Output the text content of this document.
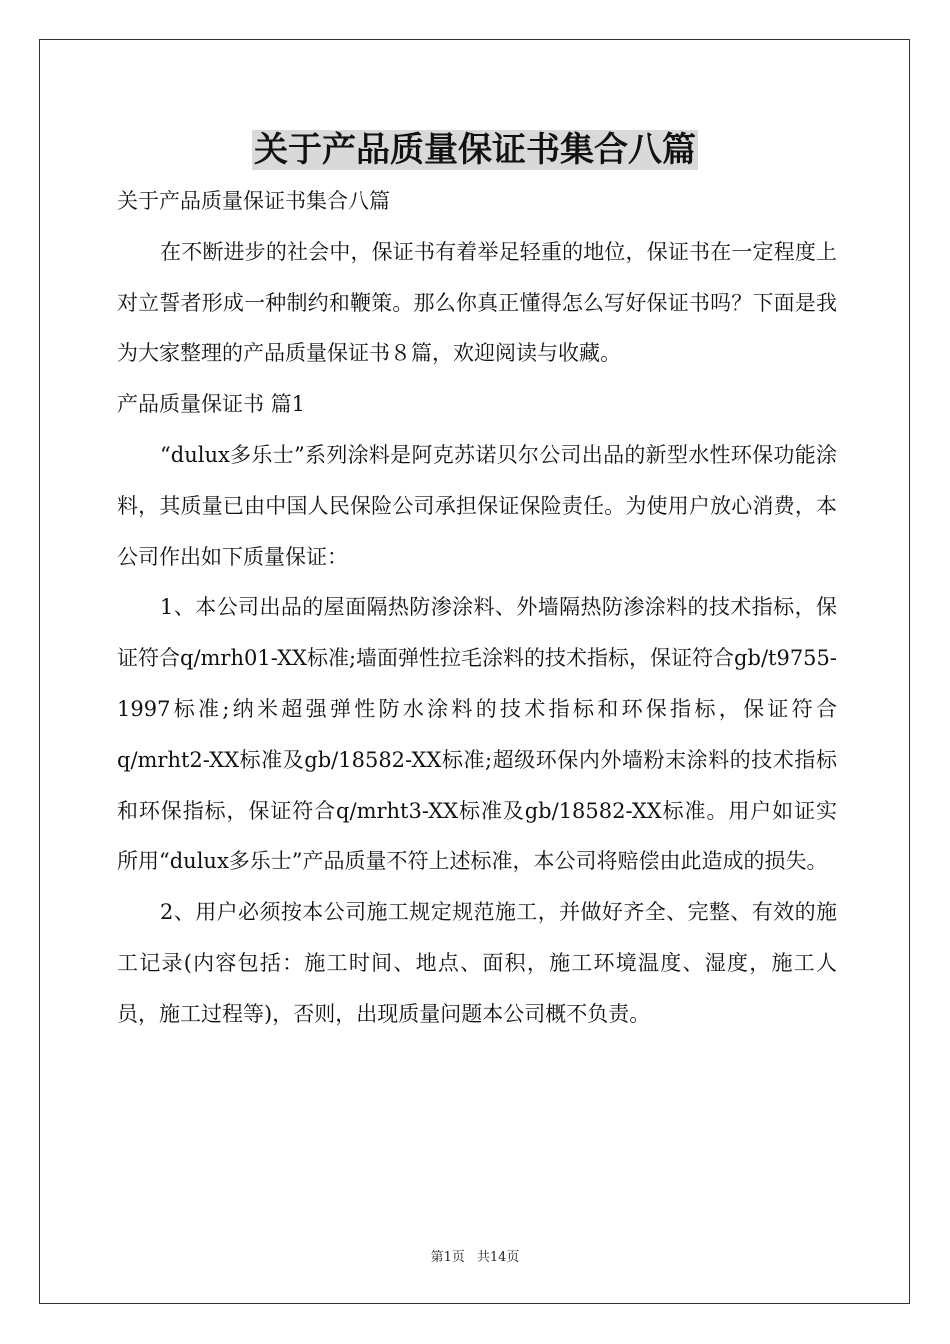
关于产品质量保证书集合八篇

关于产品质量保证书集合八篇

在不断进步的社会中，保证书有着举足轻重的地位，保证书在一定程度上对立誓者形成一种制约和鞭策。那么你真正懂得怎么写好保证书吗？下面是我为大家整理的产品质量保证书８篇，欢迎阅读与收藏。

产品质量保证书 篇1

“dulux多乐士”系列涂料是阿克苏诺贝尔公司出品的新型水性环保功能涂料，其质量已由中国人民保险公司承担保证保险责任。为使用户放心消费，本公司作出如下质量保证：

1、本公司出品的屋面隔热防渗涂料、外墙隔热防渗涂料的技术指标，保证符合q/mrh01-XX标准;墙面弹性拉毛涂料的技术指标，保证符合gb/t9755-1997标准;纳米超强弹性防水涂料的技术指标和环保指标，保证符合q/mrht2-XX标准及gb/18582-XX标准;超级环保内外墙粉末涂料的技术指标和环保指标，保证符合q/mrht3-XX标准及gb/18582-XX标准。用户如证实所用“dulux多乐士”产品质量不符上述标准，本公司将赔偿由此造成的损失。

2、用户必须按本公司施工规定规范施工，并做好齐全、完整、有效的施工记录(内容包括：施工时间、地点、面积，施工环境温度、湿度，施工人员，施工过程等)，否则，出现质量问题本公司概不负责。

第1页 共14页
